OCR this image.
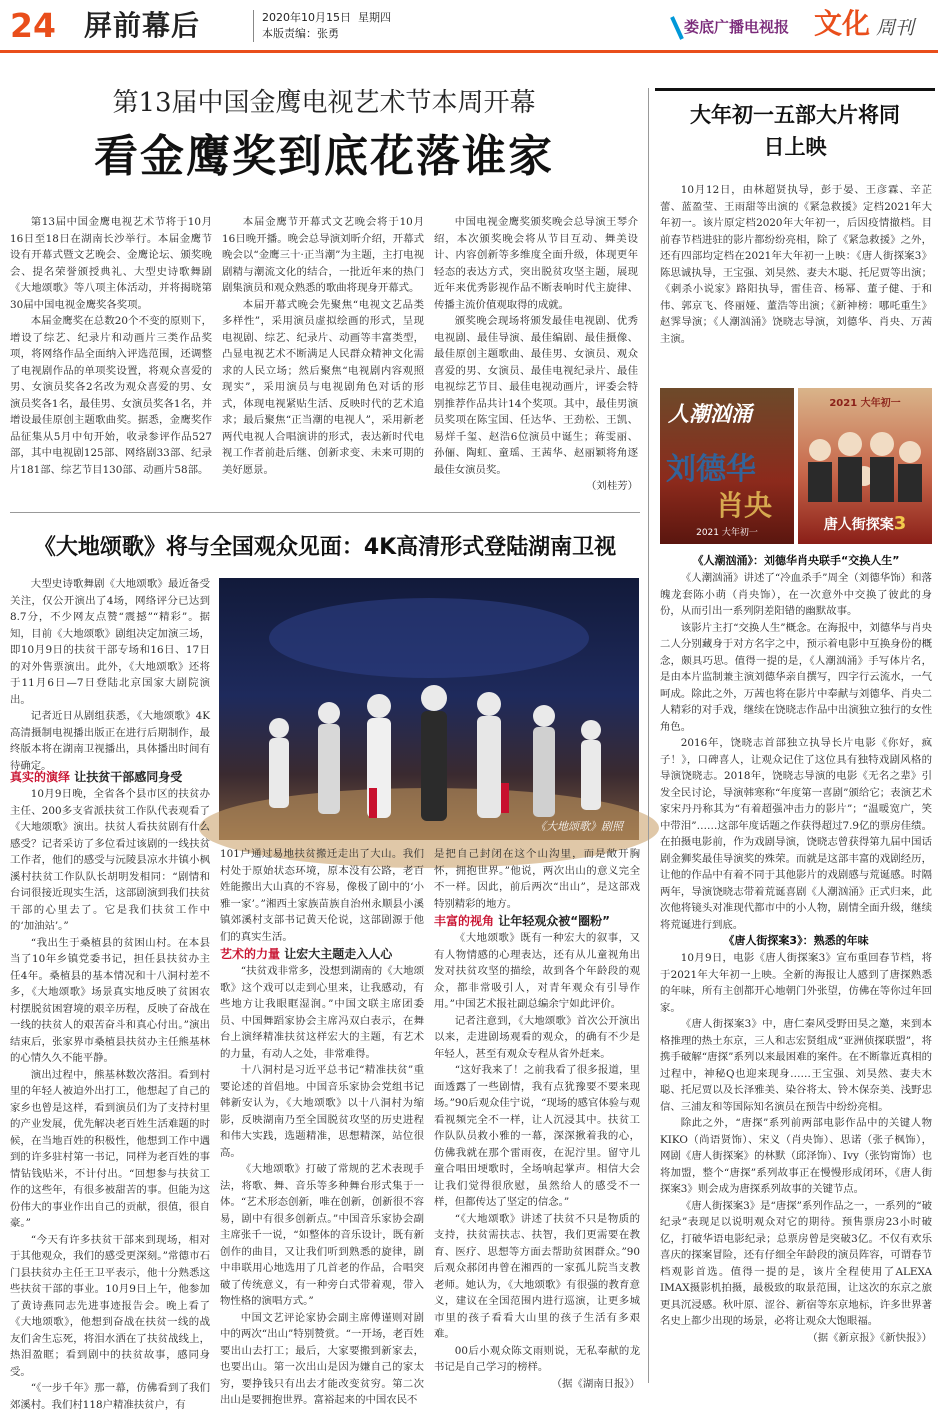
24 屏前幕后	2020年10月15日 星期四
本版责编：张勇	娄底广播电视报 文化 周刊
第13届中国金鹰电视艺术节本周开幕
看金鹰奖到底花落谁家

第13届中国金鹰电视艺术节将于10月16日至18日在湖南长沙举行。本届金鹰节设有开幕式暨文艺晚会、金鹰论坛、颁奖晚会、提名荣誉颁授典礼、大型史诗歌舞剧《大地颂歌》等八项主体活动，并将揭晓第30届中国电视金鹰奖各奖项。

本届金鹰奖在总数20个不变的原则下，增设了综艺、纪录片和动画片三类作品奖项，将网络作品全面纳入评选范围，还调整了电视剧作品的单项奖设置，将观众喜爱的男、女演员奖各2名改为观众喜爱的男、女演员奖各1名，最佳男、女演员奖各1名，并增设最佳原创主题歌曲奖。据悉，金鹰奖作品征集从5月中旬开始，收录参评作品527部，其中电视剧125部、网络剧33部、纪录片181部、综艺节目130部、动画片58部。

本届金鹰节开幕式文艺晚会将于10月16日晚开播。晚会总导演刘昕介绍，开幕式晚会以“金鹰三十·正当潮”为主题，主打电视剧精与潮流文化的结合，一批近年来的热门剧集演员和观众熟悉的歌曲将现身开幕式。

本届开幕式晚会先聚焦“电视文艺品类多样性”，采用演员虚拟绘画的形式，呈现电视剧、综艺、纪录片、动画等丰富类型，凸显电视艺术不断满足人民群众精神文化需求的人民立场；然后聚焦“电视剧内容观照现实”，采用演员与电视剧角色对话的形式，体现电视紧贴生活、反映时代的艺术追求；最后聚焦“正当潮的电视人”，采用新老两代电视人合唱演讲的形式，表达新时代电视工作者前赴后继、创新求变、未来可期的美好愿景。

中国电视金鹰奖颁奖晚会总导演王琴介绍，本次颁奖晚会将从节目互动、舞美设计、内容创新等多维度全面升级，体现更年轻态的表达方式，突出脱贫攻坚主题，展现近年来优秀影视作品不断表响时代主旋律、传播主流价值观取得的成就。

颁奖晚会现场将颁发最佳电视剧、优秀电视剧、最佳导演、最佳编剧、最佳摄像、最佳原创主题歌曲、最佳男、女演员、观众喜爱的男、女演员、最佳电视纪录片、最佳电视综艺节目、最佳电视动画片，评委会特别推荐作品共计14个奖项。其中，最佳男演员奖项在陈宝国、任达华、王劲松、王凯、易烊千玺、赵浩6位演员中诞生；蒋雯丽、孙俪、陶虹、童瑶、王茜华、赵丽颖将角逐最佳女演员奖。

（刘桂芳）

《大地颂歌》将与全国观众见面：4K高清形式登陆湖南卫视

大型史诗歌舞剧《大地颂歌》最近备受关注，仅公开演出了4场，网络评分已达到8.7分，不少网友点赞“震撼”“精彩”。据知，目前《大地颂歌》剧组决定加演三场，即10月9日的扶贫干部专场和16日、17日的对外售票演出。此外，《大地颂歌》还将于11月6日—7日登陆北京国家大剧院演出。

记者近日从剧组获悉，《大地颂歌》4K高清摄制电视播出版正在进行后期制作，最终版本将在湖南卫视播出，具体播出时间有待确定。

《大地颂歌》剧照

真实的演绎 让扶贫干部感同身受

10月9日晚，全省各个县市区的扶贫办主任、200多支省派扶贫工作队代表观看了《大地颂歌》演出。扶贫人看扶贫剧有什么感受？记者采访了多位看过该剧的一线扶贫工作者，他们的感受与沅陵县凉水井镇小枫溪村扶贫工作队队长胡明发相同：“剧情和台词很接近现实生活，这部剧演到我们扶贫干部的心里去了。它是我们扶贫工作中的‘加油站’。”

“我出生于桑植县的贫困山村。在本县当了10年乡镇党委书记，担任县扶贫办主任4年。桑植县的基本情况和十八洞村差不多，《大地颂歌》场景真实地反映了贫困农村摆脱贫困窘境的艰辛历程，反映了奋战在一线的扶贫人的艰苦奋斗和真心付出。”演出结束后，张家界市桑植县扶贫办主任熊基林的心情久久不能平静。

演出过程中，熊基林数次落泪。看到村里的年轻人被迫外出打工，他想起了自己的家乡也曾是这样，看到演员们为了支持村里的产业发展，优先解决老百姓生活难题的时候，在当地百姓的积极性，他想到工作中遇到的许多驻村第一书记，同样为老百姓的事情钻钱贴米，不计付出。“回想参与扶贫工作的这些年，有很多被甜苦的事。但能为这份伟大的事业作出自己的贡献，很值，很自豪。”

“今天有许多扶贫干部来到现场，相对于其他观众，我们的感受更深刻。”常德市石门县扶贫办主任王卫平表示，他十分熟悉这些扶贫干部的事业。10月9日上午，他参加了黄诗燕同志先进事迹报告会。晚上看了《大地颂歌》，他想到奋战在扶贫一线的战友们舍生忘死，将泪水洒在了扶贫战线上，热泪盈眶；看到剧中的扶贫故事，感同身受。

“《一步千年》那一幕，仿佛看到了我们郊溪村。我们村118户精准扶贫户，有

101户通过易地扶贫搬迁走出了大山。我们村处于原始状态环境，原本没有公路，老百姓能搬出大山真的不容易，像极了剧中的‘小雅一家’。”湘西土家族苗族自治州永顺县小溪镇郊溪村支部书记黄天伦说，这部剧源于他们的真实生活。

艺术的力量 让宏大主题走入人心

“扶贫戏非常多，没想到湖南的《大地颂歌》这个戏可以走到心里来，让我感动，有些地方让我眼眶湿润。”中国文联主席团委员、中国舞蹈家协会主席冯双白表示，在舞台上演绎精准扶贫这样宏大的主题，有艺术的力量，有动人之处，非常难得。

十八洞村是习近平总书记“精准扶贫”重要论述的首倡地。中国音乐家协会党组书记韩新安认为，《大地颂歌》以十八洞村为缩影，反映湖南乃至全国脱贫攻坚的历史进程和伟大实践，选题精准，思想精深，站位很高。

《大地颂歌》打破了常规的艺术表现手法，将歌、舞、音乐等多种舞台形式集于一体。“艺术形态创新，唯在创新，创新很不容易，剧中有很多创新点。”中国音乐家协会副主席张千一说，“如整体的音乐设计，既有新创作的曲目，又让我们听到熟悉的旋律，剧中串联用心地选用了几首老的作品，合唱突破了传统意义，有一种旁白式带着观，带入物性格的演唱方式。”

中国文艺评论家协会副主席傅谨则对剧中的两次“出山”特别赞赏。“一开场，老百姓要出山去打工；最后，大家要搬到新家去，也要出山。第一次出山是因为嫌自己的家太穷，要挣钱只有出去才能改变贫穷。第二次出山是要拥抱世界。富裕起来的中国农民不

是把自己封闭在这个山沟里，而是敞开胸怀，拥抱世界。”他说，两次出山的意义完全不一样。因此，前后两次“出山”，是这部戏特别精彩的地方。

丰富的视角 让年轻观众被“圈粉”

《大地颂歌》既有一种宏大的叙事，又有人物情感的心理表达，还有从儿童视角出发对扶贫攻坚的描绘，故到各个年龄段的观众，都非常吸引人，对青年观众有引导作用。”中国艺术报社副总编余宁如此评价。

记者注意到，《大地颂歌》首次公开演出以来，走进剧场观看的观众，的确有不少是年轻人，甚至有观众专程从省外赶来。

“这好我来了！之前我看了很多报道，里面透露了一些剧情，我有点犹豫要不要来现场。”90后观众佳宁说，“现场的感官体验与观看视频完全不一样，让人沉浸其中。扶贫工作队队员救小雅的一幕，深深揪着我的心，仿佛我就在那个雷雨夜，在泥泞里。留守儿童合唱田埂歌时，全场响起掌声。相信大会让我们觉得很欣慰，虽然给人的感受不一样，但都传达了坚定的信念。”

“《大地颂歌》讲述了扶贫不只是物质的支持，扶贫需扶志、扶智，我们更需要在教育、医疗、思想等方面去帮助贫困群众。”90后观众郝闭冉曾在湘西的一家孤儿院当支教老师。她认为，《大地颂歌》有很强的教育意义，建议在全国范围内进行巡演，让更多城市里的孩子看看大山里的孩子生活有多艰难。

00后小观众陈文雨则说，无私奉献的龙书记是自己学习的榜样。

（据《湖南日报》）

大年初一五部大片将同日上映

10月12日，由林超贤执导，彭于晏、王彦霖、辛芷蕾、蓝盈莹、王雨甜等出演的《紧急救援》定档2021年大年初一。该片原定档2020年大年初一，后因疫情撤档。目前春节档进驻的影片都纷纷亮相，除了《紧急救援》之外，还有四部均定档在2021年大年初一上映：《唐人街探案3》陈思诚执导，王宝强、刘昊然、妻夫木聪、托尼贾等出演；《刺杀小说家》路阳执导，雷佳音、杨幂、董子健、于和伟、郭京飞、佟丽娅、董浩等出演；《新神榜：哪吒重生》赵霁导演；《人潮汹涌》饶晓志导演，刘德华、肖央、万茜主演。

人潮汹涌
刘德华
肖央
2021 大年初一
2021 大年初一
唐人街探案3

《人潮汹涌》：刘德华肖央联手“交换人生”

《人潮汹涌》讲述了“冷血杀手”周全（刘德华饰）和落魄龙套陈小萌（肖央饰），在一次意外中交换了彼此的身份，从而引出一系列阴差阳错的幽默故事。

该影片主打“交换人生”概念。在海报中，刘德华与肖央二人分别藏身于对方名字之中，预示着电影中互换身份的概念，颇具巧思。值得一提的是，《人潮汹涌》手写体片名，是由本片监制兼主演刘德华亲自撰写，四字行云流水，一气呵成。除此之外，万茜也将在影片中奉献与刘德华、肖央二人精彩的对手戏，继续在饶晓志作品中出演独立独行的女性角色。

2016年，饶晓志首部独立执导长片电影《你好，疯子！》，口碑喜人，让观众记住了这位具有独特戏剧风格的导演饶晓志。2018年，饶晓志导演的电影《无名之辈》引发全民讨论，导演韩寒称“年度第一喜剧”颁给它；表演艺术家宋丹丹称其为“有着超强冲击力的影片”；“温暖宽广，笑中带泪”……这部年度话题之作获得超过7.9亿的票房佳绩。在拍摄电影前，作为戏剧导演，饶晓志曾获得第九届中国话剧金狮奖最佳导演奖的殊荣。而就是这部丰富的戏剧经历，让他的作品中有着不同于其他影片的戏剧感与荒诞感。时隔两年，导演饶晓志带着荒诞喜剧《人潮汹涌》正式归来，此次他将镜头对准现代都市中的小人物，剧情全面升级，继续将荒诞进行到底。

《唐人街探案3》：熟悉的年味

10月9日，电影《唐人街探案3》宣布重回春节档，将于2021年大年初一上映。全新的海报让人感到了唐探熟悉的年味，所有主创都开心地朝门外张望，仿佛在等你过年回家。

《唐人街探案3》中，唐仁秦风受野田昊之邀，来到本格推理的热土东京，三人和志宏贤组成“亚洲侦探联盟”，将携手破解“唐探”系列以来最困难的案件。在不断靠近真相的过程中，神秘Q也迎来现身……王宝强、刘昊然、妻夫木聪、托尼贾以及长泽雅美、染谷将太、铃木保奈美、浅野忠信、三浦友和等国际知名演员在预告中纷纷亮相。

除此之外，“唐探”系列前两部电影作品中的关键人物KIKO（尚语贤饰）、宋义（肖央饰）、思诺（张子枫饰），网剧《唐人街探案》的林默（邱泽饰）、Ivy（张钧甯饰）也将加盟，整个“唐探”系列故事正在慢慢形成闭环，《唐人街探案3》则会成为唐探系列故事的关键节点。

《唐人街探案3》是“唐探”系列作品之一，一系列的“破纪录”表现足以说明观众对它的期待。预售票房23小时破亿，打破华语电影纪录；总票房曾是突破3亿。不仅有欢乐喜庆的探案冒险，还有仔细全年龄段的演员阵容，可谓春节档观影首选。值得一提的是，该片全程使用了ALEXA IMAX摄影机拍摄，最极致的取景范围，让这次的东京之旅更具沉浸感。秋叶原、涩谷、新宿等东京地标，许多世界著名史上都少出现的场景，必将让观众大饱眼福。

（据《新京报》《新快报》）
